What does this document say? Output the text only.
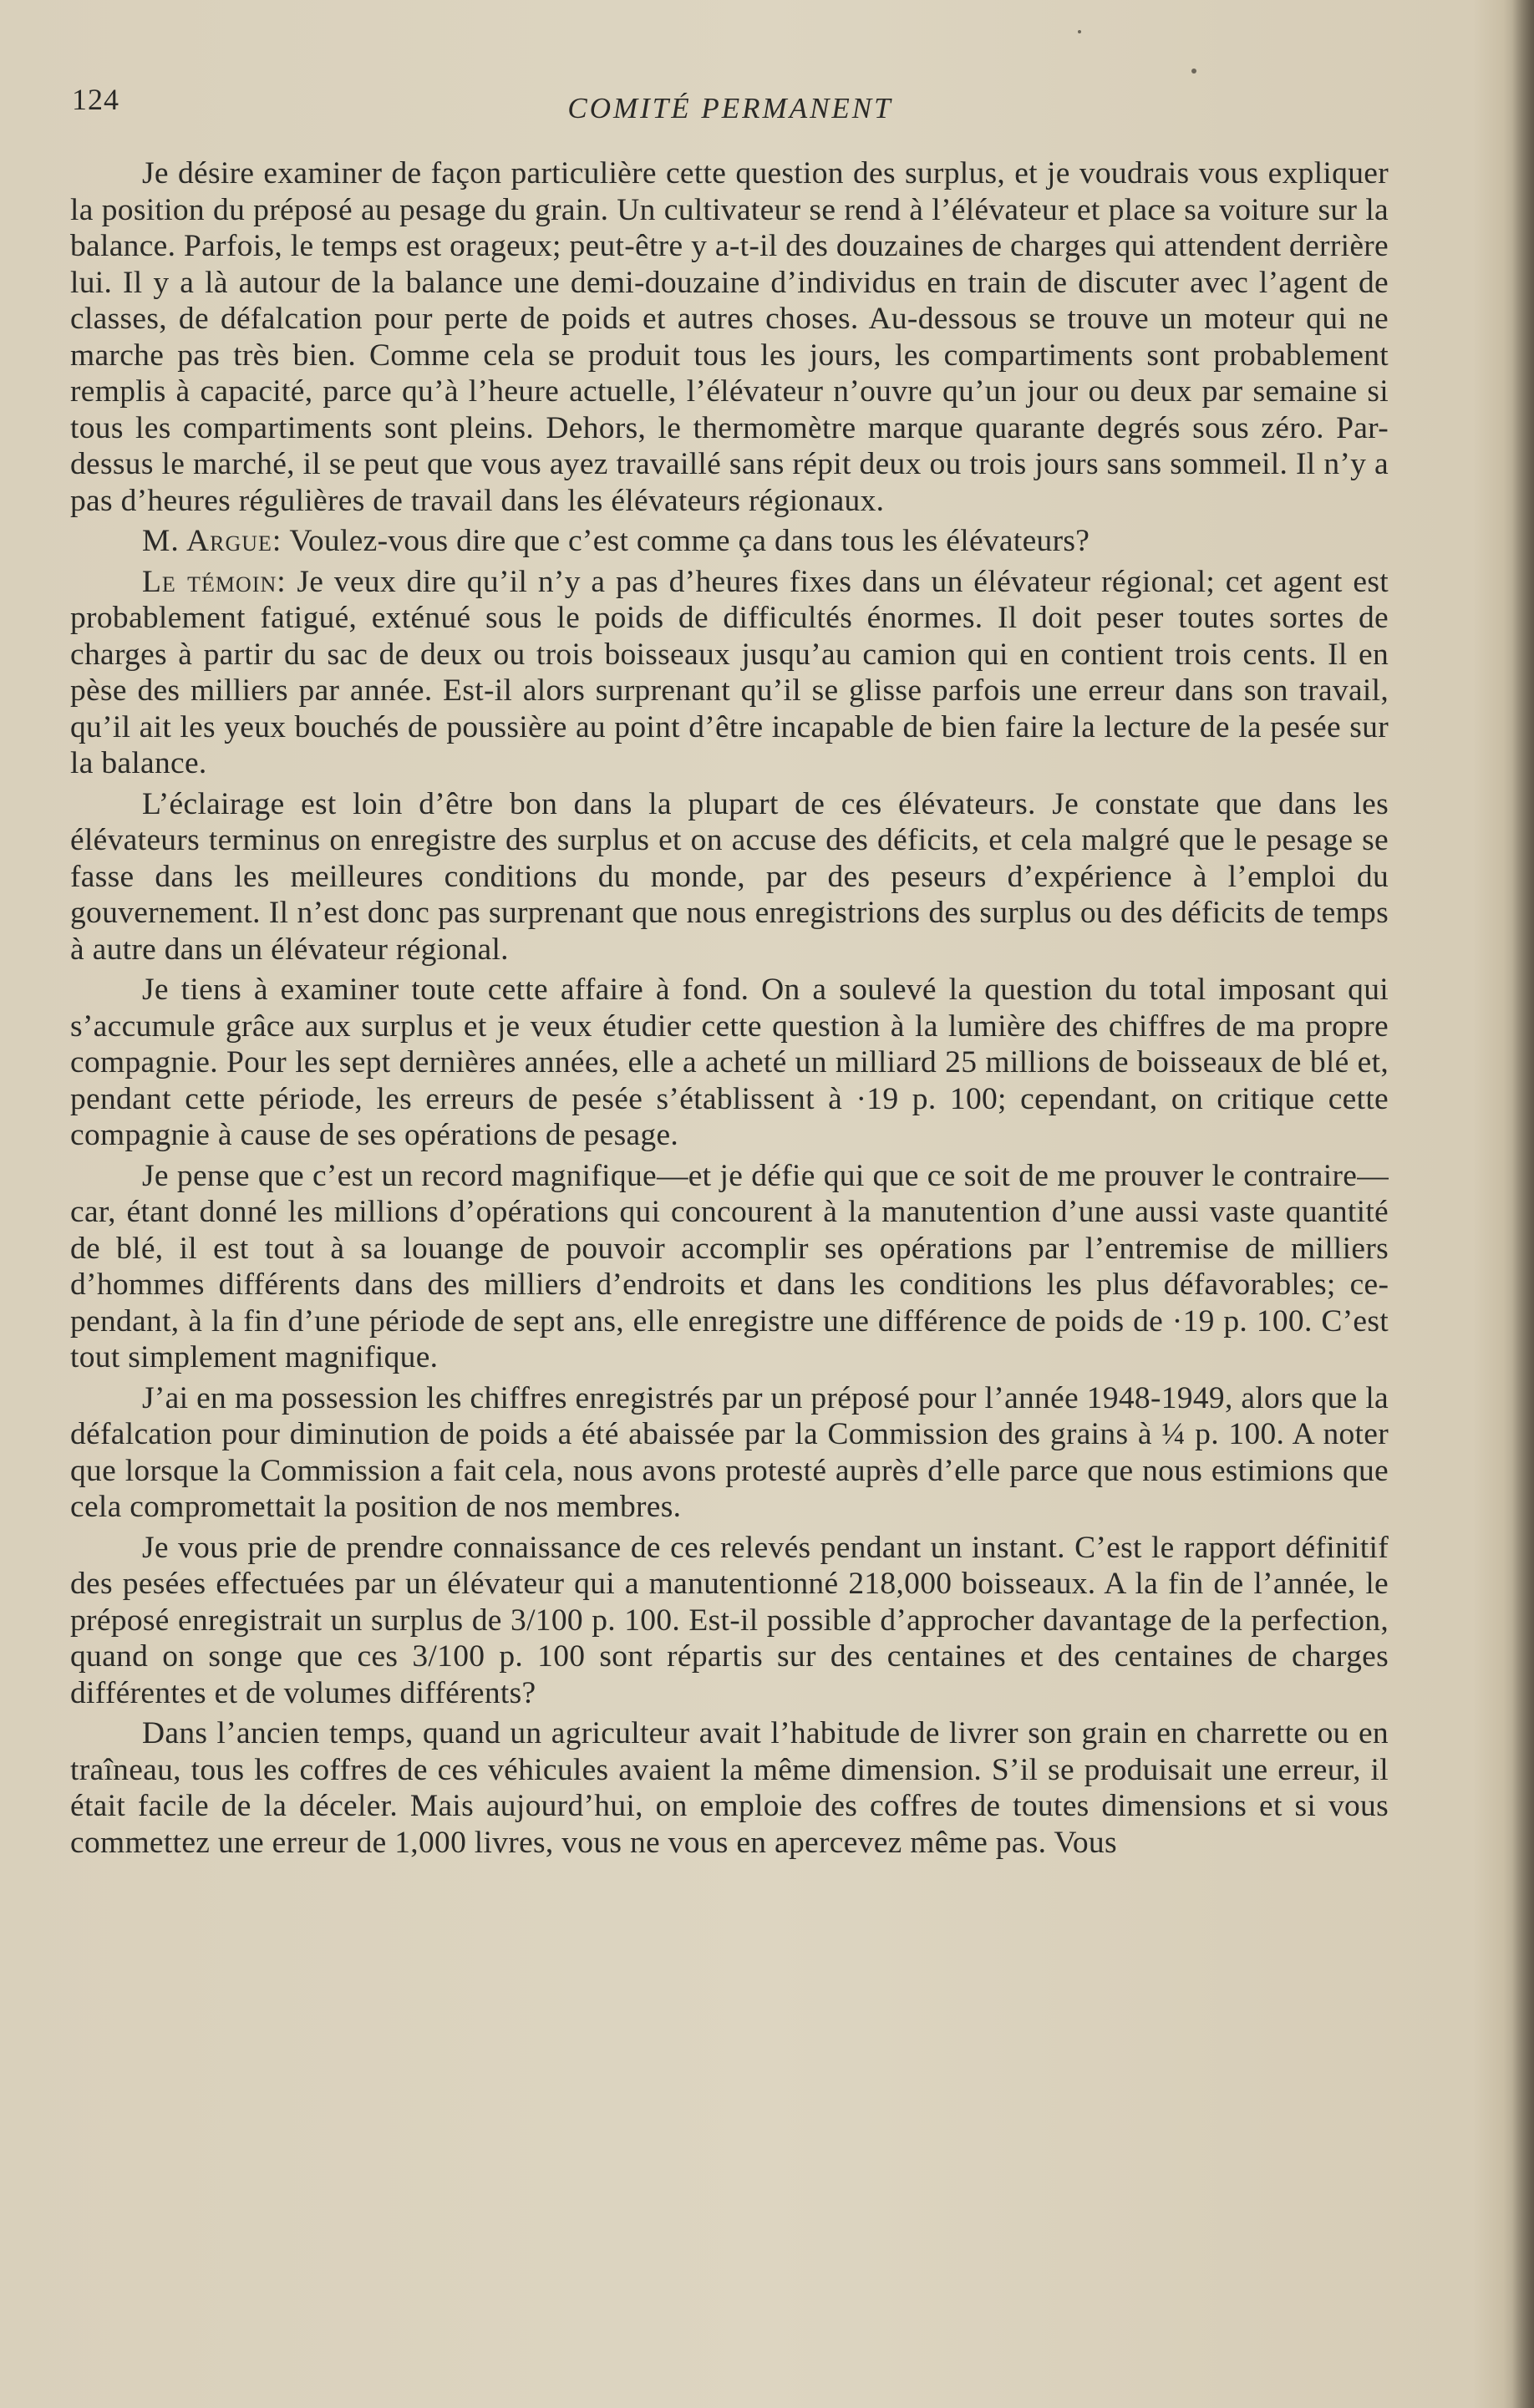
124	COMITÉ PERMANENT

Je désire examiner de façon particulière cette question des surplus, et je voudrais vous expliquer la position du préposé au pesage du grain. Un cultivateur se rend à l’élévateur et place sa voiture sur la balance. Parfois, le temps est orageux; peut-être y a-t-il des douzaines de charges qui attendent derrière lui. Il y a là autour de la balance une demi-douzaine d’individus en train de discuter avec l’agent de classes, de défalcation pour perte de poids et autres choses. Au-dessous se trouve un moteur qui ne marche pas très bien. Comme cela se produit tous les jours, les compartiments sont probablement remplis à capacité, parce qu’à l’heure actuelle, l’élévateur n’ouvre qu’un jour ou deux par semaine si tous les compartiments sont pleins. Dehors, le thermomètre marque quarante degrés sous zéro. Par-dessus le marché, il se peut que vous ayez travaillé sans répit deux ou trois jours sans sommeil. Il n’y a pas d’heures régulières de travail dans les élévateurs régionaux.

M. Argue: Voulez-vous dire que c’est comme ça dans tous les élévateurs?

Le témoin: Je veux dire qu’il n’y a pas d’heures fixes dans un élévateur régional; cet agent est probablement fatigué, exténué sous le poids de difficultés énormes. Il doit peser toutes sortes de charges à partir du sac de deux ou trois boisseaux jusqu’au camion qui en contient trois cents. Il en pèse des milliers par année. Est-il alors surprenant qu’il se glisse parfois une erreur dans son travail, qu’il ait les yeux bouchés de poussière au point d’être incapable de bien faire la lecture de la pesée sur la balance.

L’éclairage est loin d’être bon dans la plupart de ces élévateurs. Je constate que dans les élévateurs terminus on enregistre des surplus et on accuse des déficits, et cela malgré que le pesage se fasse dans les meilleures conditions du monde, par des peseurs d’expérience à l’emploi du gouvernement. Il n’est donc pas surprenant que nous enregistrions des surplus ou des déficits de temps à autre dans un élévateur régional.

Je tiens à examiner toute cette affaire à fond. On a soulevé la question du total imposant qui s’accumule grâce aux surplus et je veux étudier cette question à la lumière des chiffres de ma propre compagnie. Pour les sept dernières années, elle a acheté un milliard 25 millions de boisseaux de blé et, pendant cette période, les erreurs de pesée s’établissent à ·19 p. 100; cependant, on critique cette compagnie à cause de ses opérations de pesage.

Je pense que c’est un record magnifique—et je défie qui que ce soit de me prouver le contraire—car, étant donné les millions d’opérations qui concourent à la manutention d’une aussi vaste quantité de blé, il est tout à sa louange de pouvoir accomplir ses opérations par l’entremise de milliers d’hommes différents dans des milliers d’endroits et dans les conditions les plus défavorables; cependant, à la fin d’une période de sept ans, elle enregistre une différence de poids de ·19 p. 100. C’est tout simplement magnifique.

J’ai en ma possession les chiffres enregistrés par un préposé pour l’année 1948-1949, alors que la défalcation pour diminution de poids a été abaissée par la Commission des grains à ¼ p. 100. A noter que lorsque la Commission a fait cela, nous avons protesté auprès d’elle parce que nous estimions que cela compromettait la position de nos membres.

Je vous prie de prendre connaissance de ces relevés pendant un instant. C’est le rapport définitif des pesées effectuées par un élévateur qui a manutentionné 218,000 boisseaux. A la fin de l’année, le préposé enregistrait un surplus de 3/100 p. 100. Est-il possible d’approcher davantage de la perfection, quand on songe que ces 3/100 p. 100 sont répartis sur des centaines et des centaines de charges différentes et de volumes différents?

Dans l’ancien temps, quand un agriculteur avait l’habitude de livrer son grain en charrette ou en traîneau, tous les coffres de ces véhicules avaient la même dimension. S’il se produisait une erreur, il était facile de la déceler. Mais aujourd’hui, on emploie des coffres de toutes dimensions et si vous commettez une erreur de 1,000 livres, vous ne vous en apercevez même pas. Vous
